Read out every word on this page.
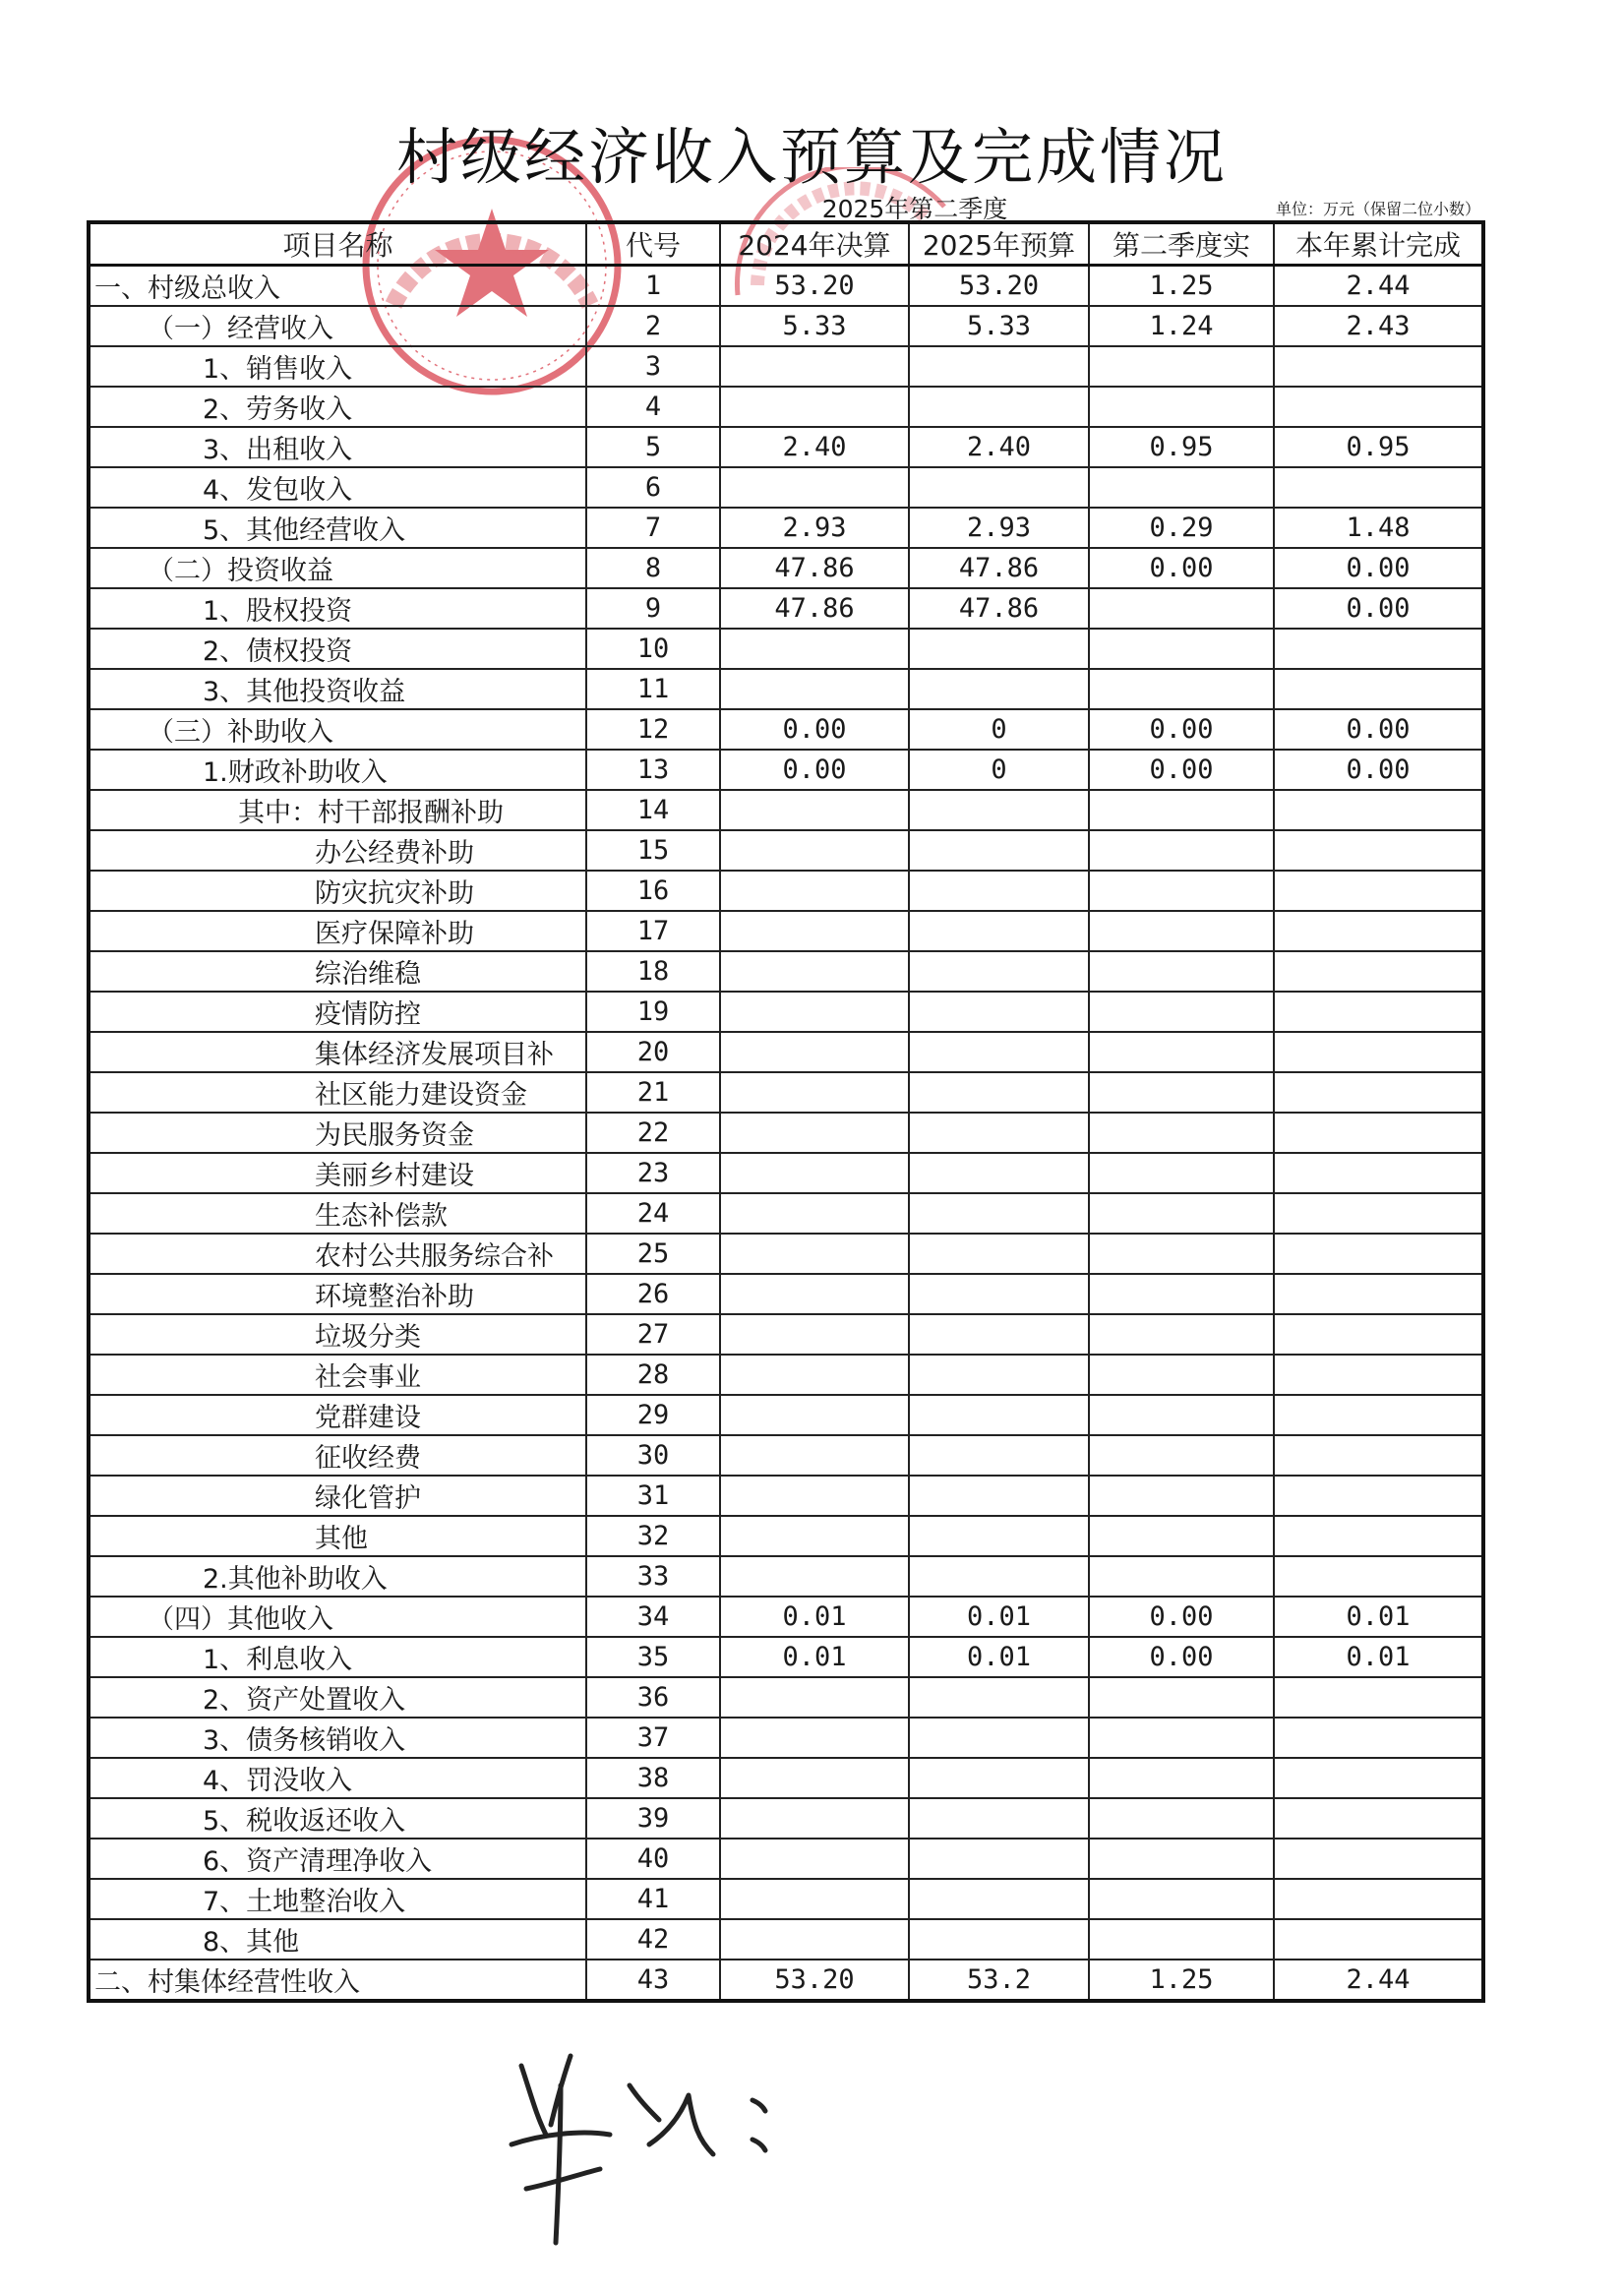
村级经济收入预算及完成情况
2025年第二季度	单位：万元（保留二位小数）
项目名称	代号	2024年决算	2025年预算	第二季度实	本年累计完成
一、村级总收入	1	53.20	53.20	1.25	2.44
（一）经营收入	2	5.33	5.33	1.24	2.43
1、销售收入	3				
2、劳务收入	4				
3、出租收入	5	2.40	2.40	0.95	0.95
4、发包收入	6				
5、其他经营收入	7	2.93	2.93	0.29	1.48
（二）投资收益	8	47.86	47.86	0.00	0.00
1、股权投资	9	47.86	47.86		0.00
2、债权投资	10				
3、其他投资收益	11				
（三）补助收入	12	0.00	0	0.00	0.00
1.财政补助收入	13	0.00	0	0.00	0.00
其中：村干部报酬补助	14				
办公经费补助	15				
防灾抗灾补助	16				
医疗保障补助	17				
综治维稳	18				
疫情防控	19				
集体经济发展项目补	20				
社区能力建设资金	21				
为民服务资金	22				
美丽乡村建设	23				
生态补偿款	24				
农村公共服务综合补	25				
环境整治补助	26				
垃圾分类	27				
社会事业	28				
党群建设	29				
征收经费	30				
绿化管护	31				
其他	32				
2.其他补助收入	33				
（四）其他收入	34	0.01	0.01	0.00	0.01
1、利息收入	35	0.01	0.01	0.00	0.01
2、资产处置收入	36				
3、债务核销收入	37				
4、罚没收入	38				
5、税收返还收入	39				
6、资产清理净收入	40				
7、土地整治收入	41				
8、其他	42				
二、村集体经营性收入	43	53.20	53.2	1.25	2.44
